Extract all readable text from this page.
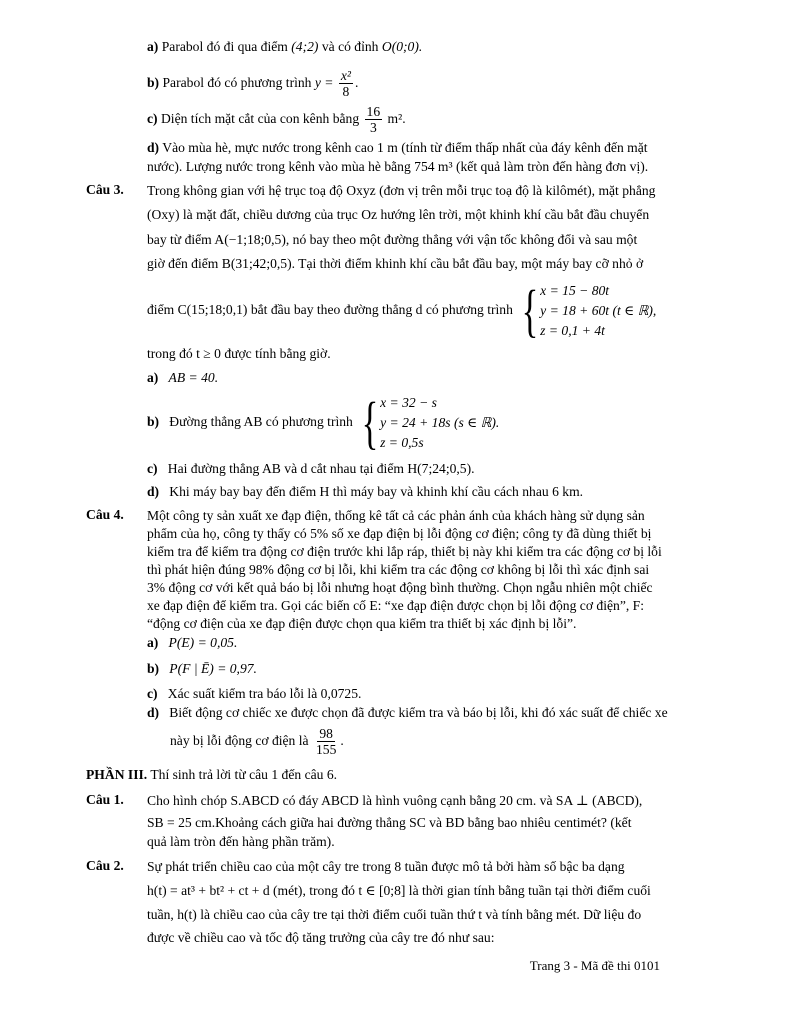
a) Parabol đó đi qua điểm (4;2) và có đỉnh O(0;0).
b) Parabol đó có phương trình $y = \frac{\text{x²}}{8}$ .
c) Diện tích mặt cắt của con kênh bằng $\frac{16}{3} m^2$.
d) Vào mùa hè, mực nước trong kênh cao 1 m (tính từ điểm thấp nhất của đáy kênh đến mặt
nước). Lượng nước trong kênh vào mùa hè bằng 754 m³ (kết quả làm tròn đến hàng đơn vị).
Câu 3. Trong không gian với hệ trục toạ độ Oxyz (đơn vị trên mỗi trục toạ độ là kilômét), mặt phẳng
(Oxy) là mặt đất, chiều dương của trục Oz hướng lên trời, một khinh khí cầu bắt đầu chuyển
bay từ điểm A(−1;18;0,5), nó bay theo một đường thẳng với vận tốc không đổi và sau một
giờ đến điểm B(31;42;0,5). Tại thời điểm khinh khí cầu bắt đầu bay, một máy bay cỡ nhỏ ở
điểm C(15;18;0,1) bắt đầu bay theo đường thẳng d có phương trình { x = 15 − 80t
y = 18 + 60t (t ∈ ℝ),
z = 0,1 + 4t
trong đó t ≥ 0 được tính bằng giờ.
a) AB = 40.
b) Đường thẳng AB có phương trình { x = 32 − s
y = 24 + 18s (s ∈ ℝ).
z = 0,5s
c) Hai đường thẳng AB và d cắt nhau tại điểm H(7;24;0,5).
d) Khi máy bay bay đến điểm H thì máy bay và khinh khí cầu cách nhau 6 km.
Câu 4. Một công ty sản xuất xe đạp điện, thống kê tất cả các phản ánh của khách hàng sử dụng sản
phẩm của họ, công ty thấy có 5% số xe đạp điện bị lỗi động cơ điện; công ty đã dùng thiết bị
kiểm tra để kiểm tra động cơ điện trước khi lắp ráp, thiết bị này khi kiểm tra các động cơ bị lỗi
thì phát hiện đúng 98% động cơ bị lỗi, khi kiểm tra các động cơ không bị lỗi thì xác định sai
3% động cơ với kết quả báo bị lỗi nhưng hoạt động bình thường. Chọn ngẫu nhiên một chiếc
xe đạp điện để kiểm tra. Gọi các biến cố E: “xe đạp điện được chọn bị lỗi động cơ điện”, F:
“động cơ điện của xe đạp điện được chọn qua kiểm tra thiết bị xác định bị lỗi”.
a) P(E) = 0,05.
b) P(F | Ē) = 0,97.
c) Xác suất kiểm tra báo lỗi là 0,0725.
d) Biết động cơ chiếc xe được chọn đã được kiểm tra và báo bị lỗi, khi đó xác suất để chiếc xe
này bị lỗi động cơ điện là $\frac{98}{155}$ .
PHẦN III. Thí sinh trả lời từ câu 1 đến câu 6.
Câu 1. Cho hình chóp S.ABCD có đáy ABCD là hình vuông cạnh bằng 20 cm. và SA ⊥ (ABCD),
SB = 25 cm.Khoảng cách giữa hai đường thẳng SC và BD bằng bao nhiêu centimét? (kết
quả làm tròn đến hàng phần trăm).
Câu 2. Sự phát triển chiều cao của một cây tre trong 8 tuần được mô tả bởi hàm số bậc ba dạng
h(t) = at³ + bt² + ct + d (mét), trong đó t ∈ [0;8] là thời gian tính bằng tuần tại thời điểm cuối
tuần, h(t) là chiều cao của cây tre tại thời điểm cuối tuần thứ t và tính bằng mét. Dữ liệu đo
được về chiều cao và tốc độ tăng trưởng của cây tre đó như sau:
Trang 3 - Mã đề thi 0101
